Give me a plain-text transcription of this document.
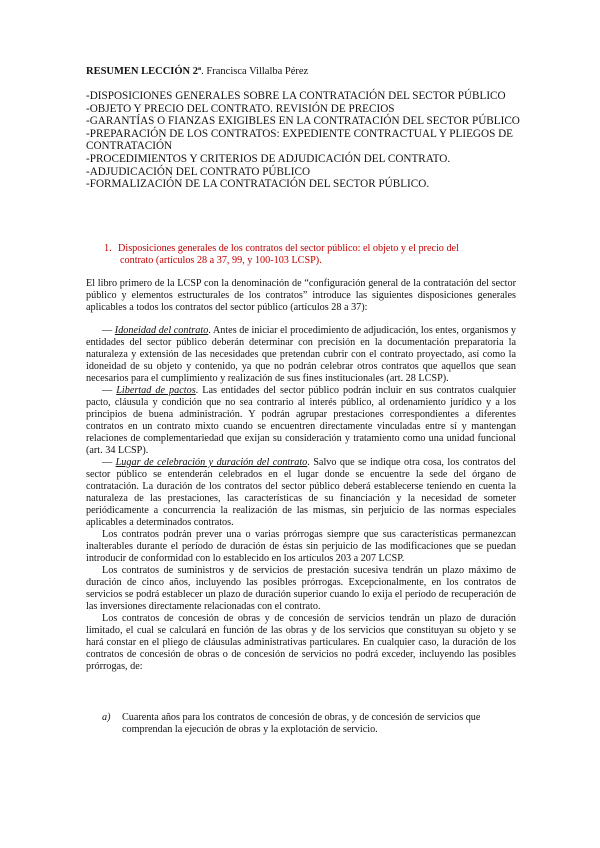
RESUMEN LECCIÓN 2ª. Francisca Villalba Pérez
-DISPOSICIONES GENERALES SOBRE LA CONTRATACIÓN DEL SECTOR PÚBLICO
-OBJETO Y PRECIO DEL CONTRATO. REVISIÓN DE PRECIOS
-GARANTÍAS O FIANZAS EXIGIBLES EN LA CONTRATACIÓN DEL SECTOR PÚBLICO
-PREPARACIÓN DE LOS CONTRATOS: EXPEDIENTE CONTRACTUAL Y PLIEGOS DE CONTRATACIÓN
-PROCEDIMIENTOS Y CRITERIOS DE ADJUDICACIÓN DEL CONTRATO.
-ADJUDICACIÓN DEL CONTRATO PÚBLICO
-FORMALIZACIÓN DE LA CONTRATACIÓN DEL SECTOR PÚBLICO.
1. Disposiciones generales de los contratos del sector público: el objeto y el precio del
contrato (artículos 28 a 37, 99, y 100-103 LCSP).
El libro primero de la LCSP con la denominación de “configuración general de la contratación del sector público y elementos estructurales de los contratos” introduce las siguientes disposiciones generales aplicables a todos los contratos del sector público (artículos 28 a 37):

— Idoneidad del contrato. Antes de iniciar el procedimiento de adjudicación, los entes, organismos y entidades del sector público deberán determinar con precisión en la documentación preparatoria la naturaleza y extensión de las necesidades que pretendan cubrir con el contrato proyectado, así como la idoneidad de su objeto y contenido, ya que no podrán celebrar otros contratos que aquellos que sean necesarios para el cumplimiento y realización de sus fines institucionales (art. 28 LCSP).

— Libertad de pactos. Las entidades del sector público podrán incluir en sus contratos cualquier pacto, cláusula y condición que no sea contrario al interés público, al ordenamiento jurídico y a los principios de buena administración. Y podrán agrupar prestaciones correspondientes a diferentes contratos en un contrato mixto cuando se encuentren directamente vinculadas entre sí y mantengan relaciones de complementariedad que exijan su consideración y tratamiento como una unidad funcional (art. 34 LCSP).

— Lugar de celebración y duración del contrato. Salvo que se indique otra cosa, los contratos del sector público se entenderán celebrados en el lugar donde se encuentre la sede del órgano de contratación. La duración de los contratos del sector público deberá establecerse teniendo en cuenta la naturaleza de las prestaciones, las características de su financiación y la necesidad de someter periódicamente a concurrencia la realización de las mismas, sin perjuicio de las normas especiales aplicables a determinados contratos.

Los contratos podrán prever una o varias prórrogas siempre que sus características permanezcan inalterables durante el período de duración de éstas sin perjuicio de las modificaciones que se puedan introducir de conformidad con lo establecido en los artículos 203 a 207 LCSP.

Los contratos de suministros y de servicios de prestación sucesiva tendrán un plazo máximo de duración de cinco años, incluyendo las posibles prórrogas. Excepcionalmente, en los contratos de servicios se podrá establecer un plazo de duración superior cuando lo exija el período de recuperación de las inversiones directamente relacionadas con el contrato.

Los contratos de concesión de obras y de concesión de servicios tendrán un plazo de duración limitado, el cual se calculará en función de las obras y de los servicios que constituyan su objeto y se hará constar en el pliego de cláusulas administrativas particulares. En cualquier caso, la duración de los contratos de concesión de obras o de concesión de servicios no podrá exceder, incluyendo las posibles prórrogas, de:

a) Cuarenta años para los contratos de concesión de obras, y de concesión de servicios que
comprendan la ejecución de obras y la explotación de servicio.
